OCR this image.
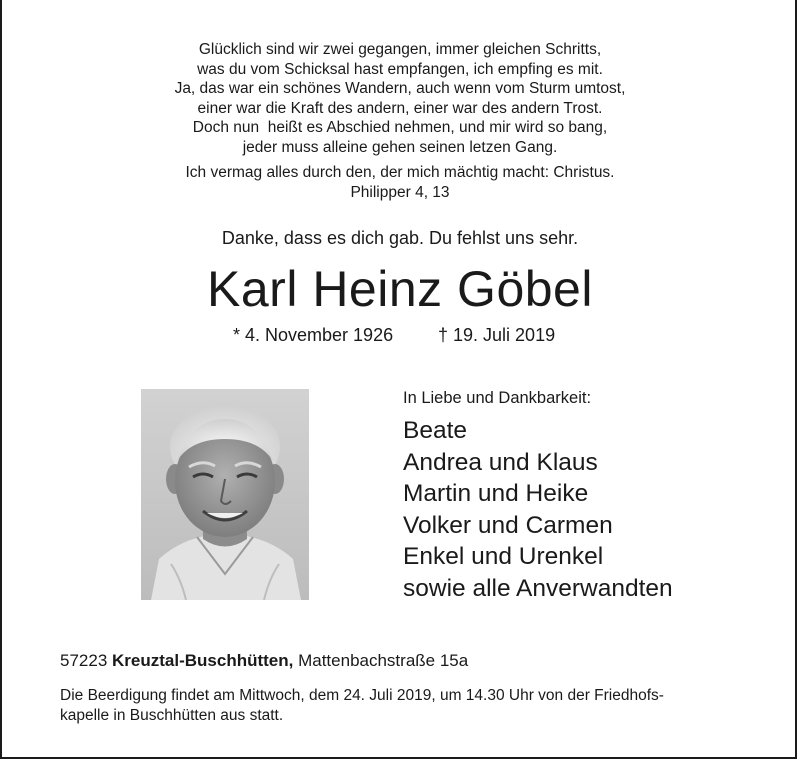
Glücklich sind wir zwei gegangen, immer gleichen Schritts,
was du vom Schicksal hast empfangen, ich empfing es mit.
Ja, das war ein schönes Wandern, auch wenn vom Sturm umtost,
einer war die Kraft des andern, einer war des andern Trost.
Doch nun  heißt es Abschied nehmen, und mir wird so bang,
jeder muss alleine gehen seinen letzen Gang.
Ich vermag alles durch den, der mich mächtig macht: Christus.
Philipper 4, 13
Danke, dass es dich gab. Du fehlst uns sehr.
Karl Heinz Göbel
* 4. November 1926 † 19. Juli 2019
In Liebe und Dankbarkeit:
Beate
Andrea und Klaus
Martin und Heike
Volker und Carmen
Enkel und Urenkel
sowie alle Anverwandten
57223 Kreuztal-Buschhütten, Mattenbachstraße 15a
Die Beerdigung findet am Mittwoch, dem 24. Juli 2019, um 14.30 Uhr von der Friedhofs-
kapelle in Buschhütten aus statt.
